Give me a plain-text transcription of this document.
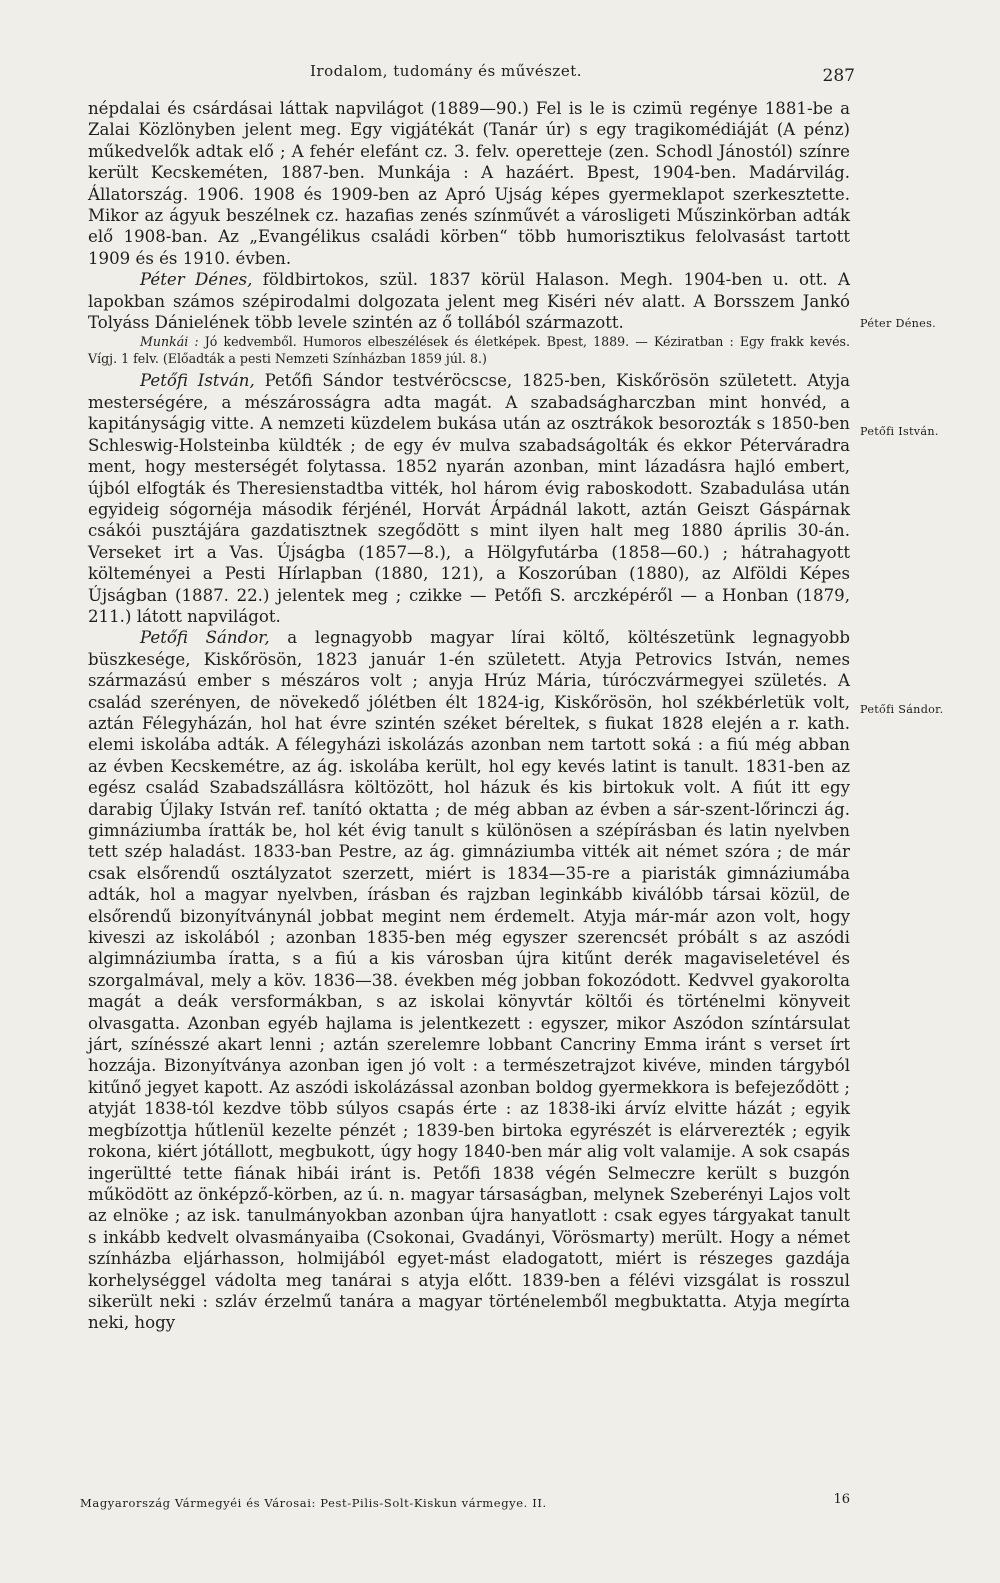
Irodalom, tudomány és művészet.	287

népdalai és csárdásai láttak napvilágot (1889—90.) Fel is le is czimü regénye 1881-be a Zalai Közlönyben jelent meg. Egy vigjátékát (Tanár úr) s egy tragikomédiáját (A pénz) műkedvelők adtak elő ; A fehér elefánt cz. 3. felv. operetteje (zen. Schodl Jánostól) színre került Kecskeméten, 1887-ben. Munkája : A hazáért. Bpest, 1904-ben. Madárvilág. Állatország. 1906. 1908 és 1909-ben az Apró Ujság képes gyermeklapot szerkesztette. Mikor az ágyuk beszélnek cz. hazafias zenés színművét a városligeti Műszinkörban adták elő 1908-ban. Az „Evangélikus családi körben“ több humorisztikus felolvasást tartott 1909 és és 1910. évben.

Péter Dénes, földbirtokos, szül. 1837 körül Halason. Megh. 1904-ben u. ott. A lapokban számos szépirodalmi dolgozata jelent meg Kiséri név alatt. A Borsszem Jankó Tolyáss Dánielének több levele szintén az ő tollából származott.

Munkái : Jó kedvemből. Humoros elbeszélések és életképek. Bpest, 1889. — Kéziratban : Egy frakk kevés. Vígj. 1 felv. (Előadták a pesti Nemzeti Színházban 1859 júl. 8.)

Petőfi István, Petőfi Sándor testvéröcscse, 1825-ben, Kiskőrösön született. Atyja mesterségére, a mészárosságra adta magát. A szabadságharczban mint honvéd, a kapitányságig vitte. A nemzeti küzdelem bukása után az osztrákok besorozták s 1850-ben Schleswig-Holsteinba küldték ; de egy év mulva szabadságolták és ekkor Péterváradra ment, hogy mesterségét folytassa. 1852 nyarán azonban, mint lázadásra hajló embert, újból elfogták és Theresienstadtba vitték, hol három évig raboskodott. Szabadulása után egyideig sógornéja második férjénél, Horvát Árpádnál lakott, aztán Geiszt Gáspárnak csákói pusztájára gazdatisztnek szegődött s mint ilyen halt meg 1880 április 30-án. Verseket irt a Vas. Újságba (1857—8.), a Hölgyfutárba (1858—60.) ; hátrahagyott költeményei a Pesti Hírlapban (1880, 121), a Koszorúban (1880), az Alföldi Képes Újságban (1887. 22.) jelentek meg ; czikke — Petőfi S. arczképéről — a Honban (1879, 211.) látott napvilágot.

Petőfi Sándor, a legnagyobb magyar lírai költő, költészetünk legnagyobb büszkesége, Kiskőrösön, 1823 január 1-én született. Atyja Petrovics István, nemes származású ember s mészáros volt ; anyja Hrúz Mária, túróczvármegyei születés. A család szerényen, de növekedő jólétben élt 1824-ig, Kiskőrösön, hol székbérletük volt, aztán Félegyházán, hol hat évre szintén széket béreltek, s fiukat 1828 elején a r. kath. elemi iskolába adták. A félegyházi iskolázás azonban nem tartott soká : a fiú még abban az évben Kecskemétre, az ág. iskolába került, hol egy kevés latint is tanult. 1831-ben az egész család Szabadszállásra költözött, hol házuk és kis birtokuk volt. A fiút itt egy darabig Újlaky István ref. tanító oktatta ; de még abban az évben a sár-szent-lőrinczi ág. gimnáziumba íratták be, hol két évig tanult s különösen a szépírásban és latin nyelvben tett szép haladást. 1833-ban Pestre, az ág. gimnáziumba vitték ait német szóra ; de már csak elsőrendű osztályzatot szerzett, miért is 1834—35-re a piaristák gimnáziumába adták, hol a magyar nyelvben, írásban és rajzban leginkább kiválóbb társai közül, de elsőrendű bizonyítványnál jobbat megint nem érdemelt. Atyja már-már azon volt, hogy kiveszi az iskolából ; azonban 1835-ben még egyszer szerencsét próbált s az aszódi algimnáziumba íratta, s a fiú a kis városban újra kitűnt derék magaviseletével és szorgalmával, mely a köv. 1836—38. években még jobban fokozódott. Kedvvel gyakorolta magát a deák versformákban, s az iskolai könyvtár költői és történelmi könyveit olvasgatta. Azonban egyéb hajlama is jelentkezett : egyszer, mikor Aszódon színtársulat járt, színésszé akart lenni ; aztán szerelemre lobbant Cancriny Emma iránt s verset írt hozzája. Bizonyítványa azonban igen jó volt : a természetrajzot kivéve, minden tárgyból kitűnő jegyet kapott. Az aszódi iskolázással azonban boldog gyermekkora is befejeződött ; atyját 1838-tól kezdve több súlyos csapás érte : az 1838-iki árvíz elvitte házát ; egyik megbízottja hűtlenül kezelte pénzét ; 1839-ben birtoka egyrészét is elárverezték ; egyik rokona, kiért jótállott, megbukott, úgy hogy 1840-ben már alig volt valamije. A sok csapás ingerültté tette fiának hibái iránt is. Petőfi 1838 végén Selmeczre került s buzgón működött az önképző-körben, az ú. n. magyar társaságban, melynek Szeberényi Lajos volt az elnöke ; az isk. tanulmányokban azonban újra hanyatlott : csak egyes tárgyakat tanult s inkább kedvelt olvasmányaiba (Csokonai, Gvadányi, Vörösmarty) merült. Hogy a német színházba eljárhasson, holmijából egyet-mást eladogatott, miért is részeges gazdája korhelységgel vádolta meg tanárai s atyja előtt. 1839-ben a félévi vizsgálat is rosszul sikerült neki : szláv érzelmű tanára a magyar történelemből megbuktatta. Atyja megírta neki, hogy

Péter Dénes.
Petőfi István.
Petőfi Sándor.
Magyarország Vármegyéi és Városai: Pest-Pilis-Solt-Kiskun vármegye. II.	16
